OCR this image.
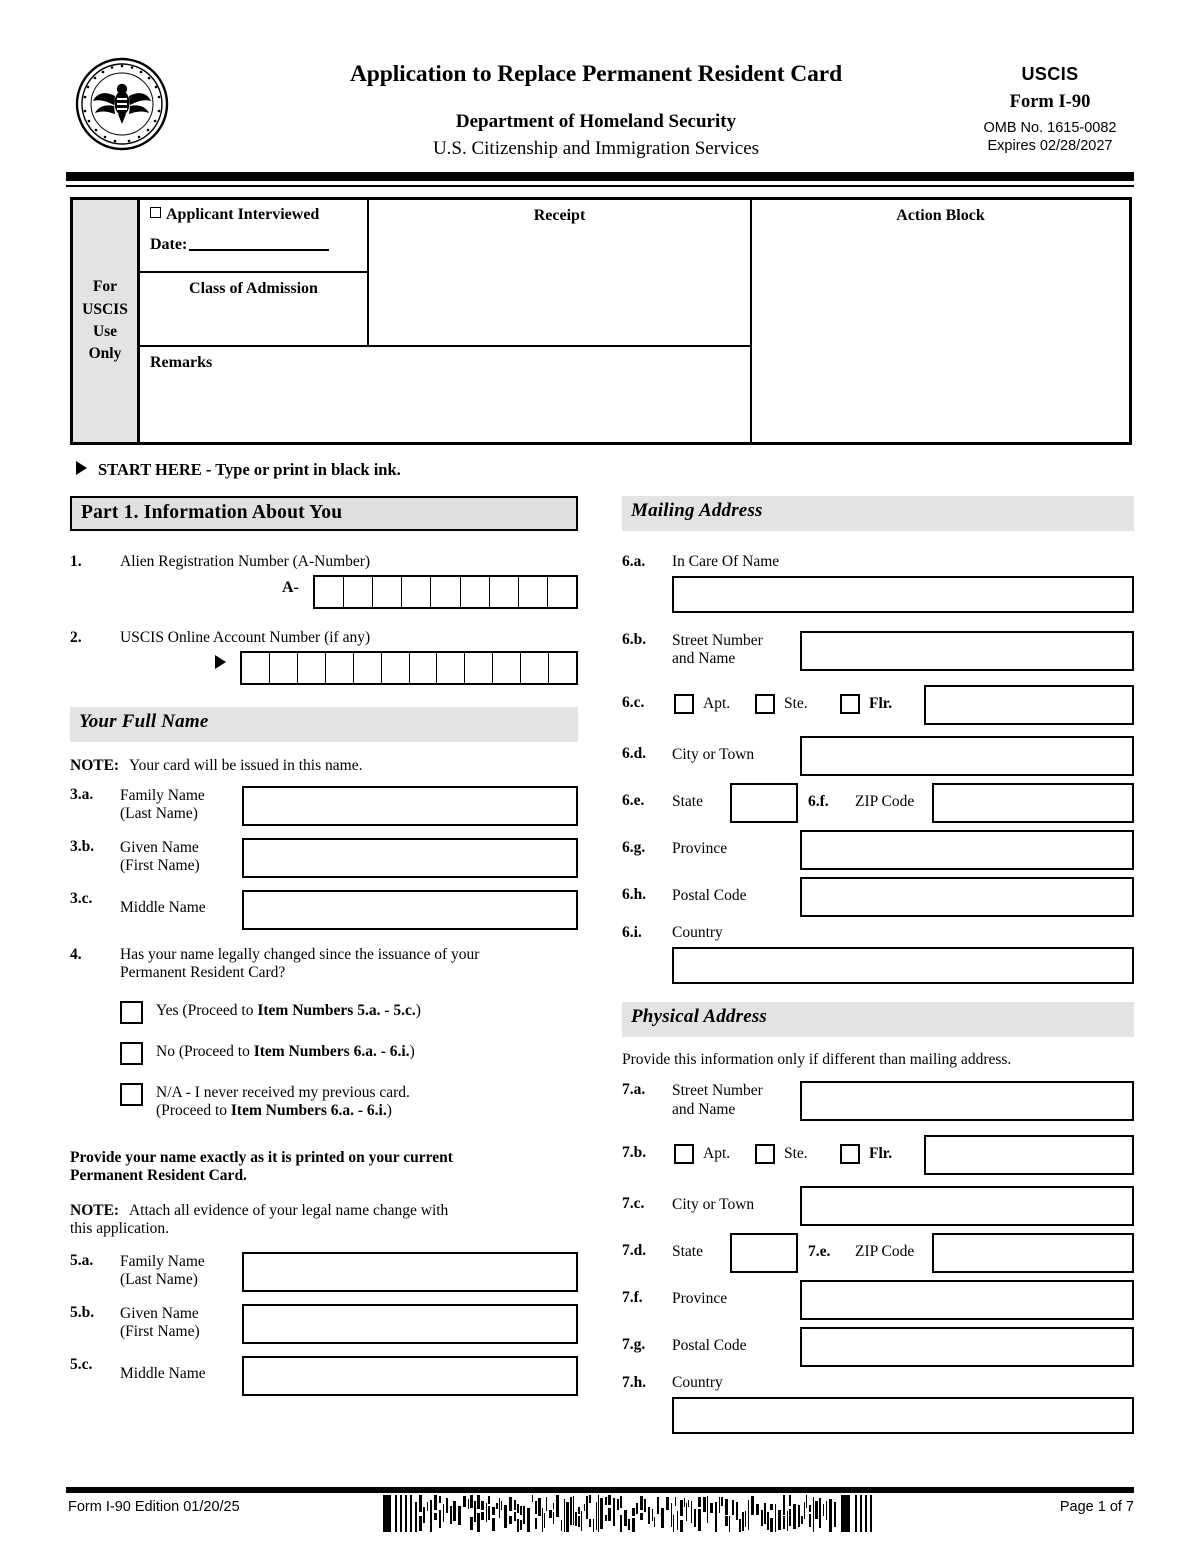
Application to Replace Permanent Resident Card
Department of Homeland Security
U.S. Citizenship and Immigration Services
USCIS
Form I-90
OMB No. 1615-0082
Expires 02/28/2027
For
USCIS
Use
Only
Applicant Interviewed
Date:
Class of Admission
Remarks
Receipt	Action Block
START HERE - Type or print in black ink.
Part 1. Information About You
1.	Alien Registration Number (A-Number)
A-
2.	USCIS Online Account Number (if any)
Your Full Name
NOTE: Your card will be issued in this name.
3.a.	Family Name
(Last Name)
3.b.	Given Name
(First Name)
3.c.
Middle Name
4.	Has your name legally changed since the issuance of your
Permanent Resident Card?
Yes (Proceed to Item Numbers 5.a. - 5.c.)
No (Proceed to Item Numbers 6.a. - 6.i.)
N/A - I never received my previous card.
(Proceed to Item Numbers 6.a. - 6.i.)
Provide your name exactly as it is printed on your current
Permanent Resident Card.
NOTE: Attach all evidence of your legal name change with
this application.
5.a.	Family Name
(Last Name)
5.b.	Given Name
(First Name)
5.c.
Middle Name
Mailing Address
6.a.	In Care Of Name
6.b.	Street Number
and Name
6.c.	Apt.	Ste.	Flr.
6.d.	City or Town
6.e.	State	6.f.	ZIP Code
6.g.	Province
6.h.	Postal Code
6.i.	Country
Physical Address
Provide this information only if different than mailing address.
7.a.	Street Number
and Name
7.b.	Apt.	Ste.	Flr.
7.c.	City or Town
7.d.	State	7.e.	ZIP Code
7.f.	Province
7.g.	Postal Code
7.h.	Country
Form I-90 Edition 01/20/25	Page 1 of 7
